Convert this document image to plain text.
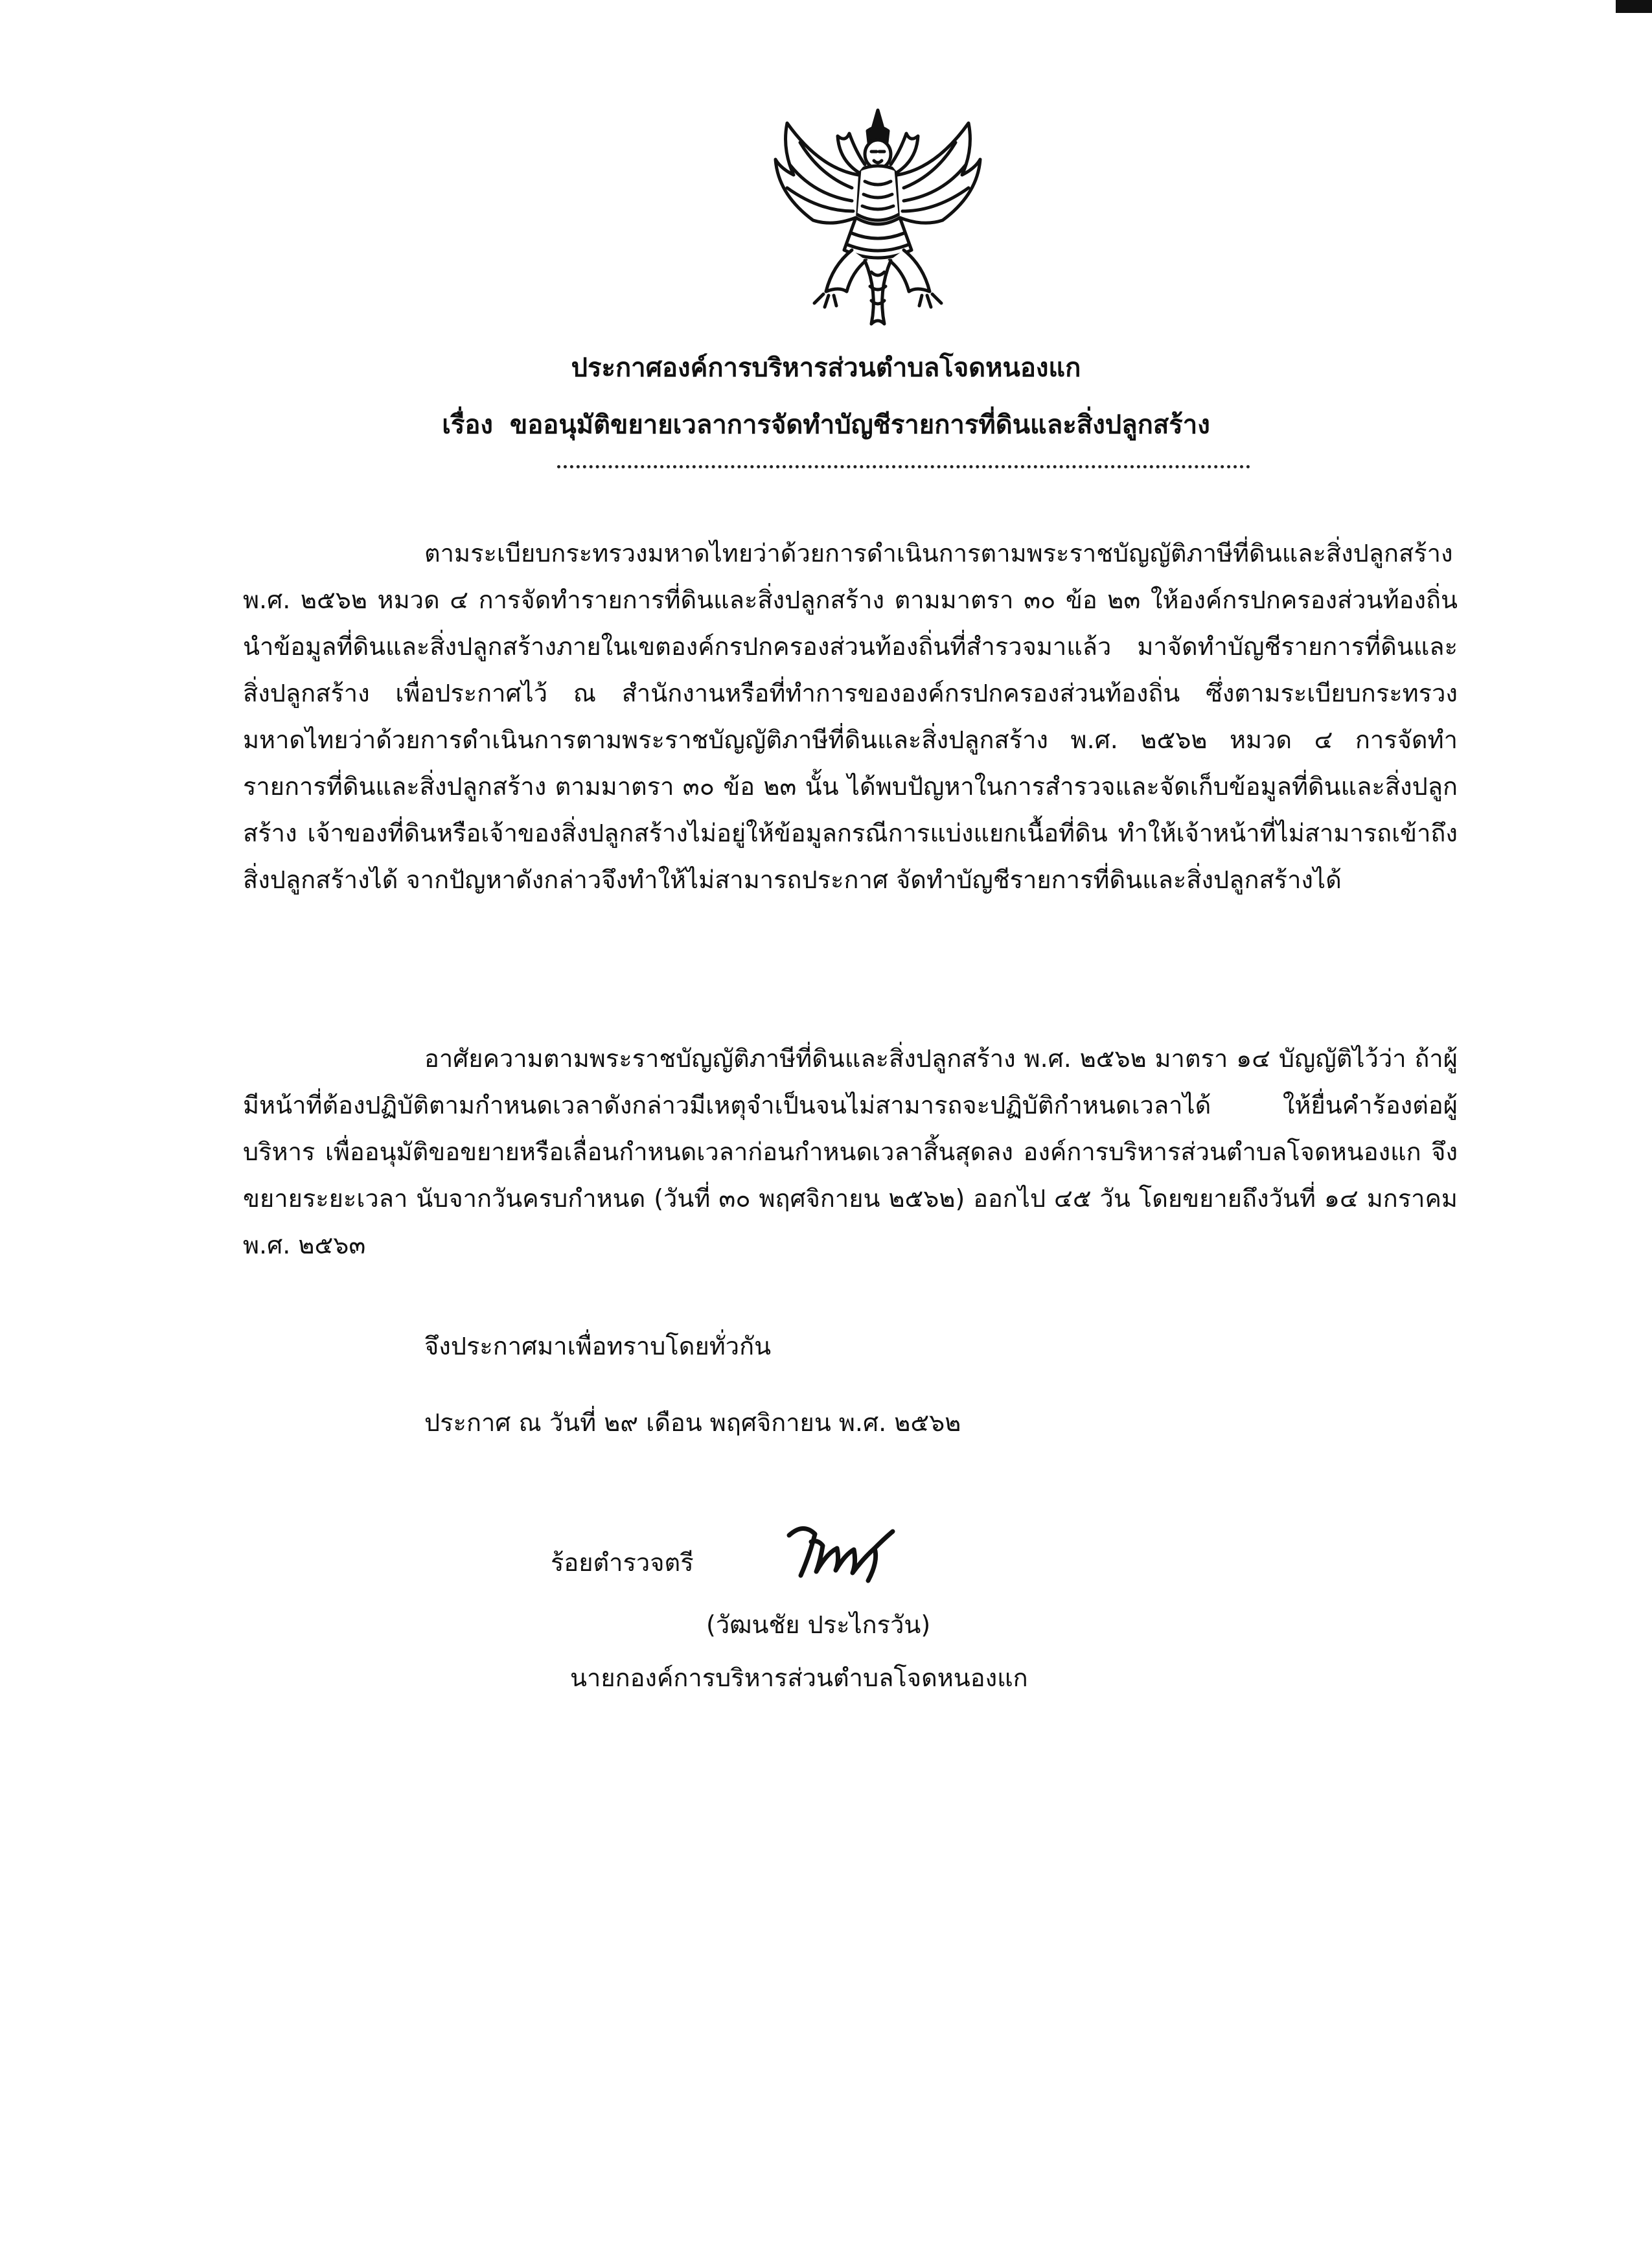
ประกาศองค์การบริหารส่วนตำบลโจดหนองแก
เรื่อง ขออนุมัติขยายเวลาการจัดทำบัญชีรายการที่ดินและสิ่งปลูกสร้าง

ตามระเบียบกระทรวงมหาดไทยว่าด้วยการดำเนินการตามพระราชบัญญัติภาษีที่ดินและสิ่งปลูกสร้าง พ.ศ. ๒๕๖๒ หมวด ๔ การจัดทำรายการที่ดินและสิ่งปลูกสร้าง ตามมาตรา ๓๐ ข้อ ๒๓ ให้องค์กรปกครองส่วนท้องถิ่น นำข้อมูลที่ดินและสิ่งปลูกสร้างภายในเขตองค์กรปกครองส่วนท้องถิ่นที่สำรวจมาแล้ว มาจัดทำบัญชีรายการที่ดินและสิ่งปลูกสร้าง เพื่อประกาศไว้ ณ สำนักงานหรือที่ทำการขององค์กรปกครองส่วนท้องถิ่น ซึ่งตามระเบียบกระทรวงมหาดไทยว่าด้วยการดำเนินการตามพระราชบัญญัติภาษีที่ดินและสิ่งปลูกสร้าง พ.ศ. ๒๕๖๒ หมวด ๔ การจัดทำรายการที่ดินและสิ่งปลูกสร้าง ตามมาตรา ๓๐ ข้อ ๒๓ นั้น ได้พบปัญหาในการสำรวจและจัดเก็บข้อมูลที่ดินและสิ่งปลูกสร้าง เจ้าของที่ดินหรือเจ้าของสิ่งปลูกสร้างไม่อยู่ให้ข้อมูลกรณีการแบ่งแยกเนื้อที่ดิน ทำให้เจ้าหน้าที่ไม่สามารถเข้าถึงสิ่งปลูกสร้างได้ จากปัญหาดังกล่าวจึงทำให้ไม่สามารถประกาศ จัดทำบัญชีรายการที่ดินและสิ่งปลูกสร้างได้

อาศัยความตามพระราชบัญญัติภาษีที่ดินและสิ่งปลูกสร้าง พ.ศ. ๒๕๖๒ มาตรา ๑๔ บัญญัติไว้ว่า ถ้าผู้มีหน้าที่ต้องปฏิบัติตามกำหนดเวลาดังกล่าวมีเหตุจำเป็นจนไม่สามารถจะปฏิบัติกำหนดเวลาได้ ให้ยื่นคำร้องต่อผู้บริหาร เพื่ออนุมัติขอขยายหรือเลื่อนกำหนดเวลาก่อนกำหนดเวลาสิ้นสุดลง องค์การบริหารส่วนตำบลโจดหนองแก จึงขยายระยะเวลา นับจากวันครบกำหนด (วันที่ ๓๐ พฤศจิกายน ๒๕๖๒) ออกไป ๔๕ วัน โดยขยายถึงวันที่ ๑๔ มกราคม พ.ศ. ๒๕๖๓

จึงประกาศมาเพื่อทราบโดยทั่วกัน
ประกาศ ณ วันที่ ๒๙ เดือน พฤศจิกายน พ.ศ. ๒๕๖๒
ร้อยตำรวจตรี
(วัฒนชัย ประไกรวัน)
นายกองค์การบริหารส่วนตำบลโจดหนองแก
